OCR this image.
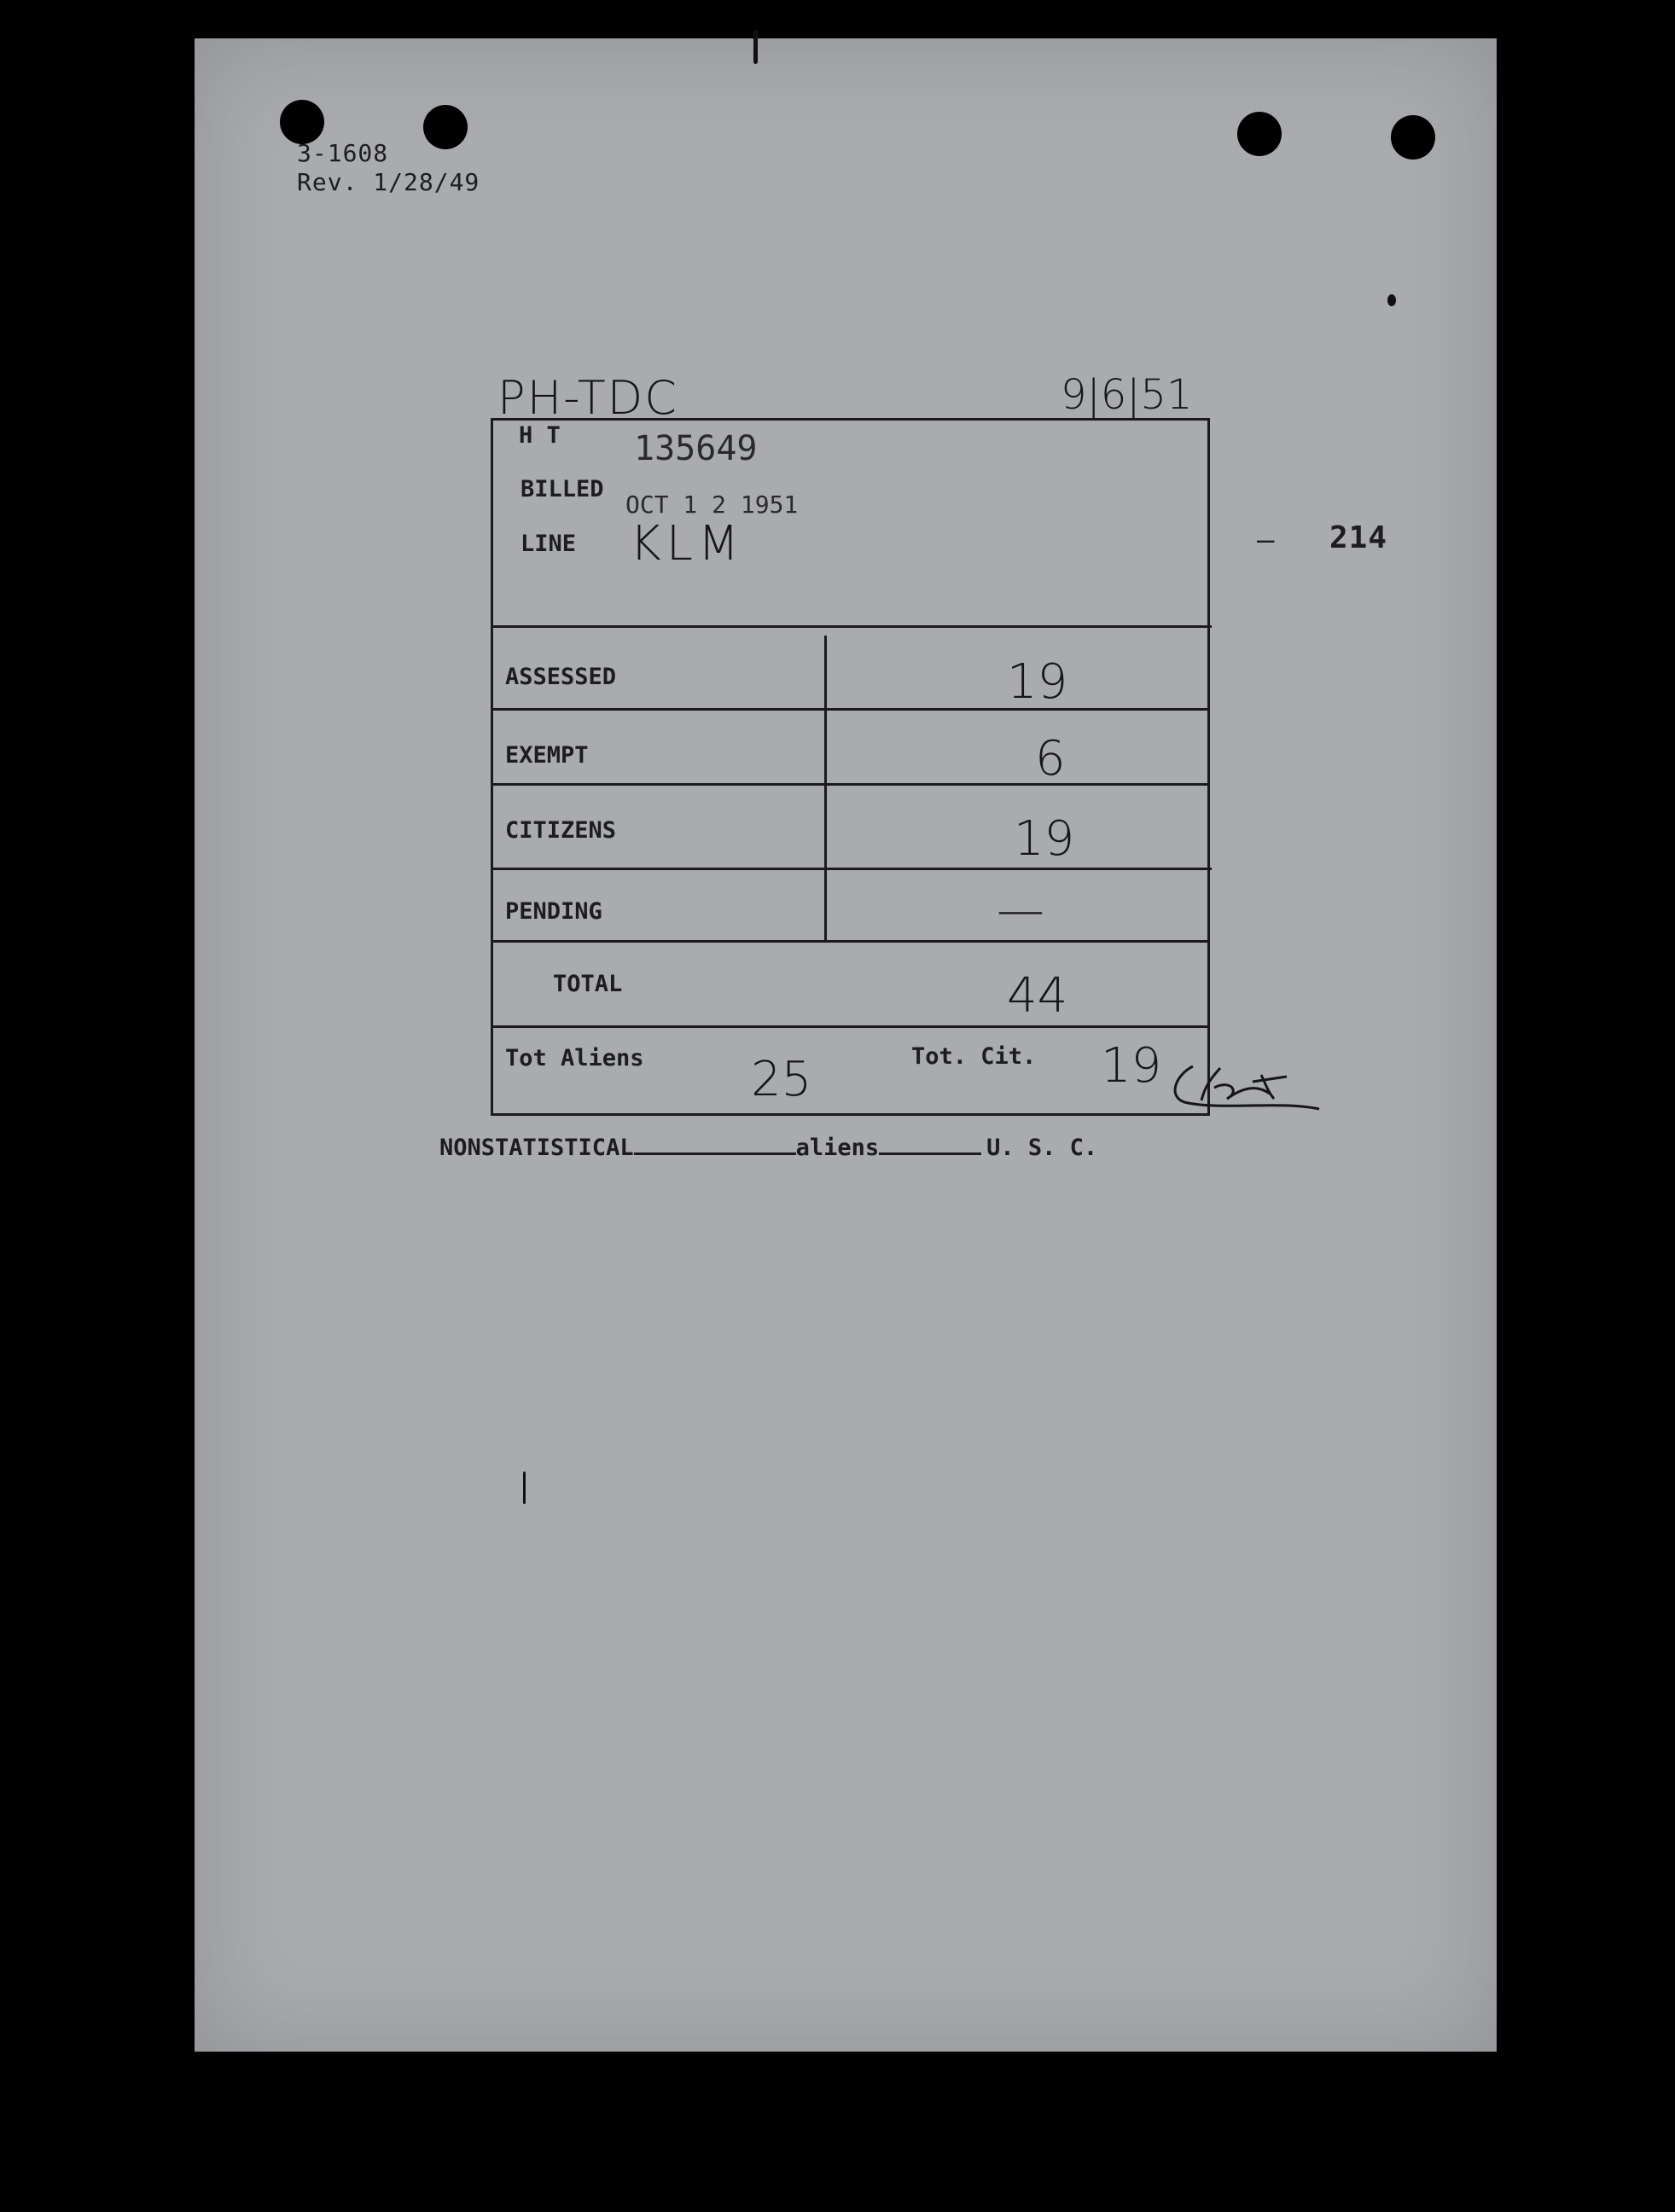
3-1608
Rev. 1/28/49
PH-TDC	9|6|51
– 214
H T 135649
BILLED
OCT 1 2 1951
LINE KLM
ASSESSED	19
EXEMPT	6
CITIZENS	19
PENDING	—
TOTAL	44
Tot Aliens 25	Tot. Cit. 19
NONSTATISTICAL	aliens	U. S. C.
